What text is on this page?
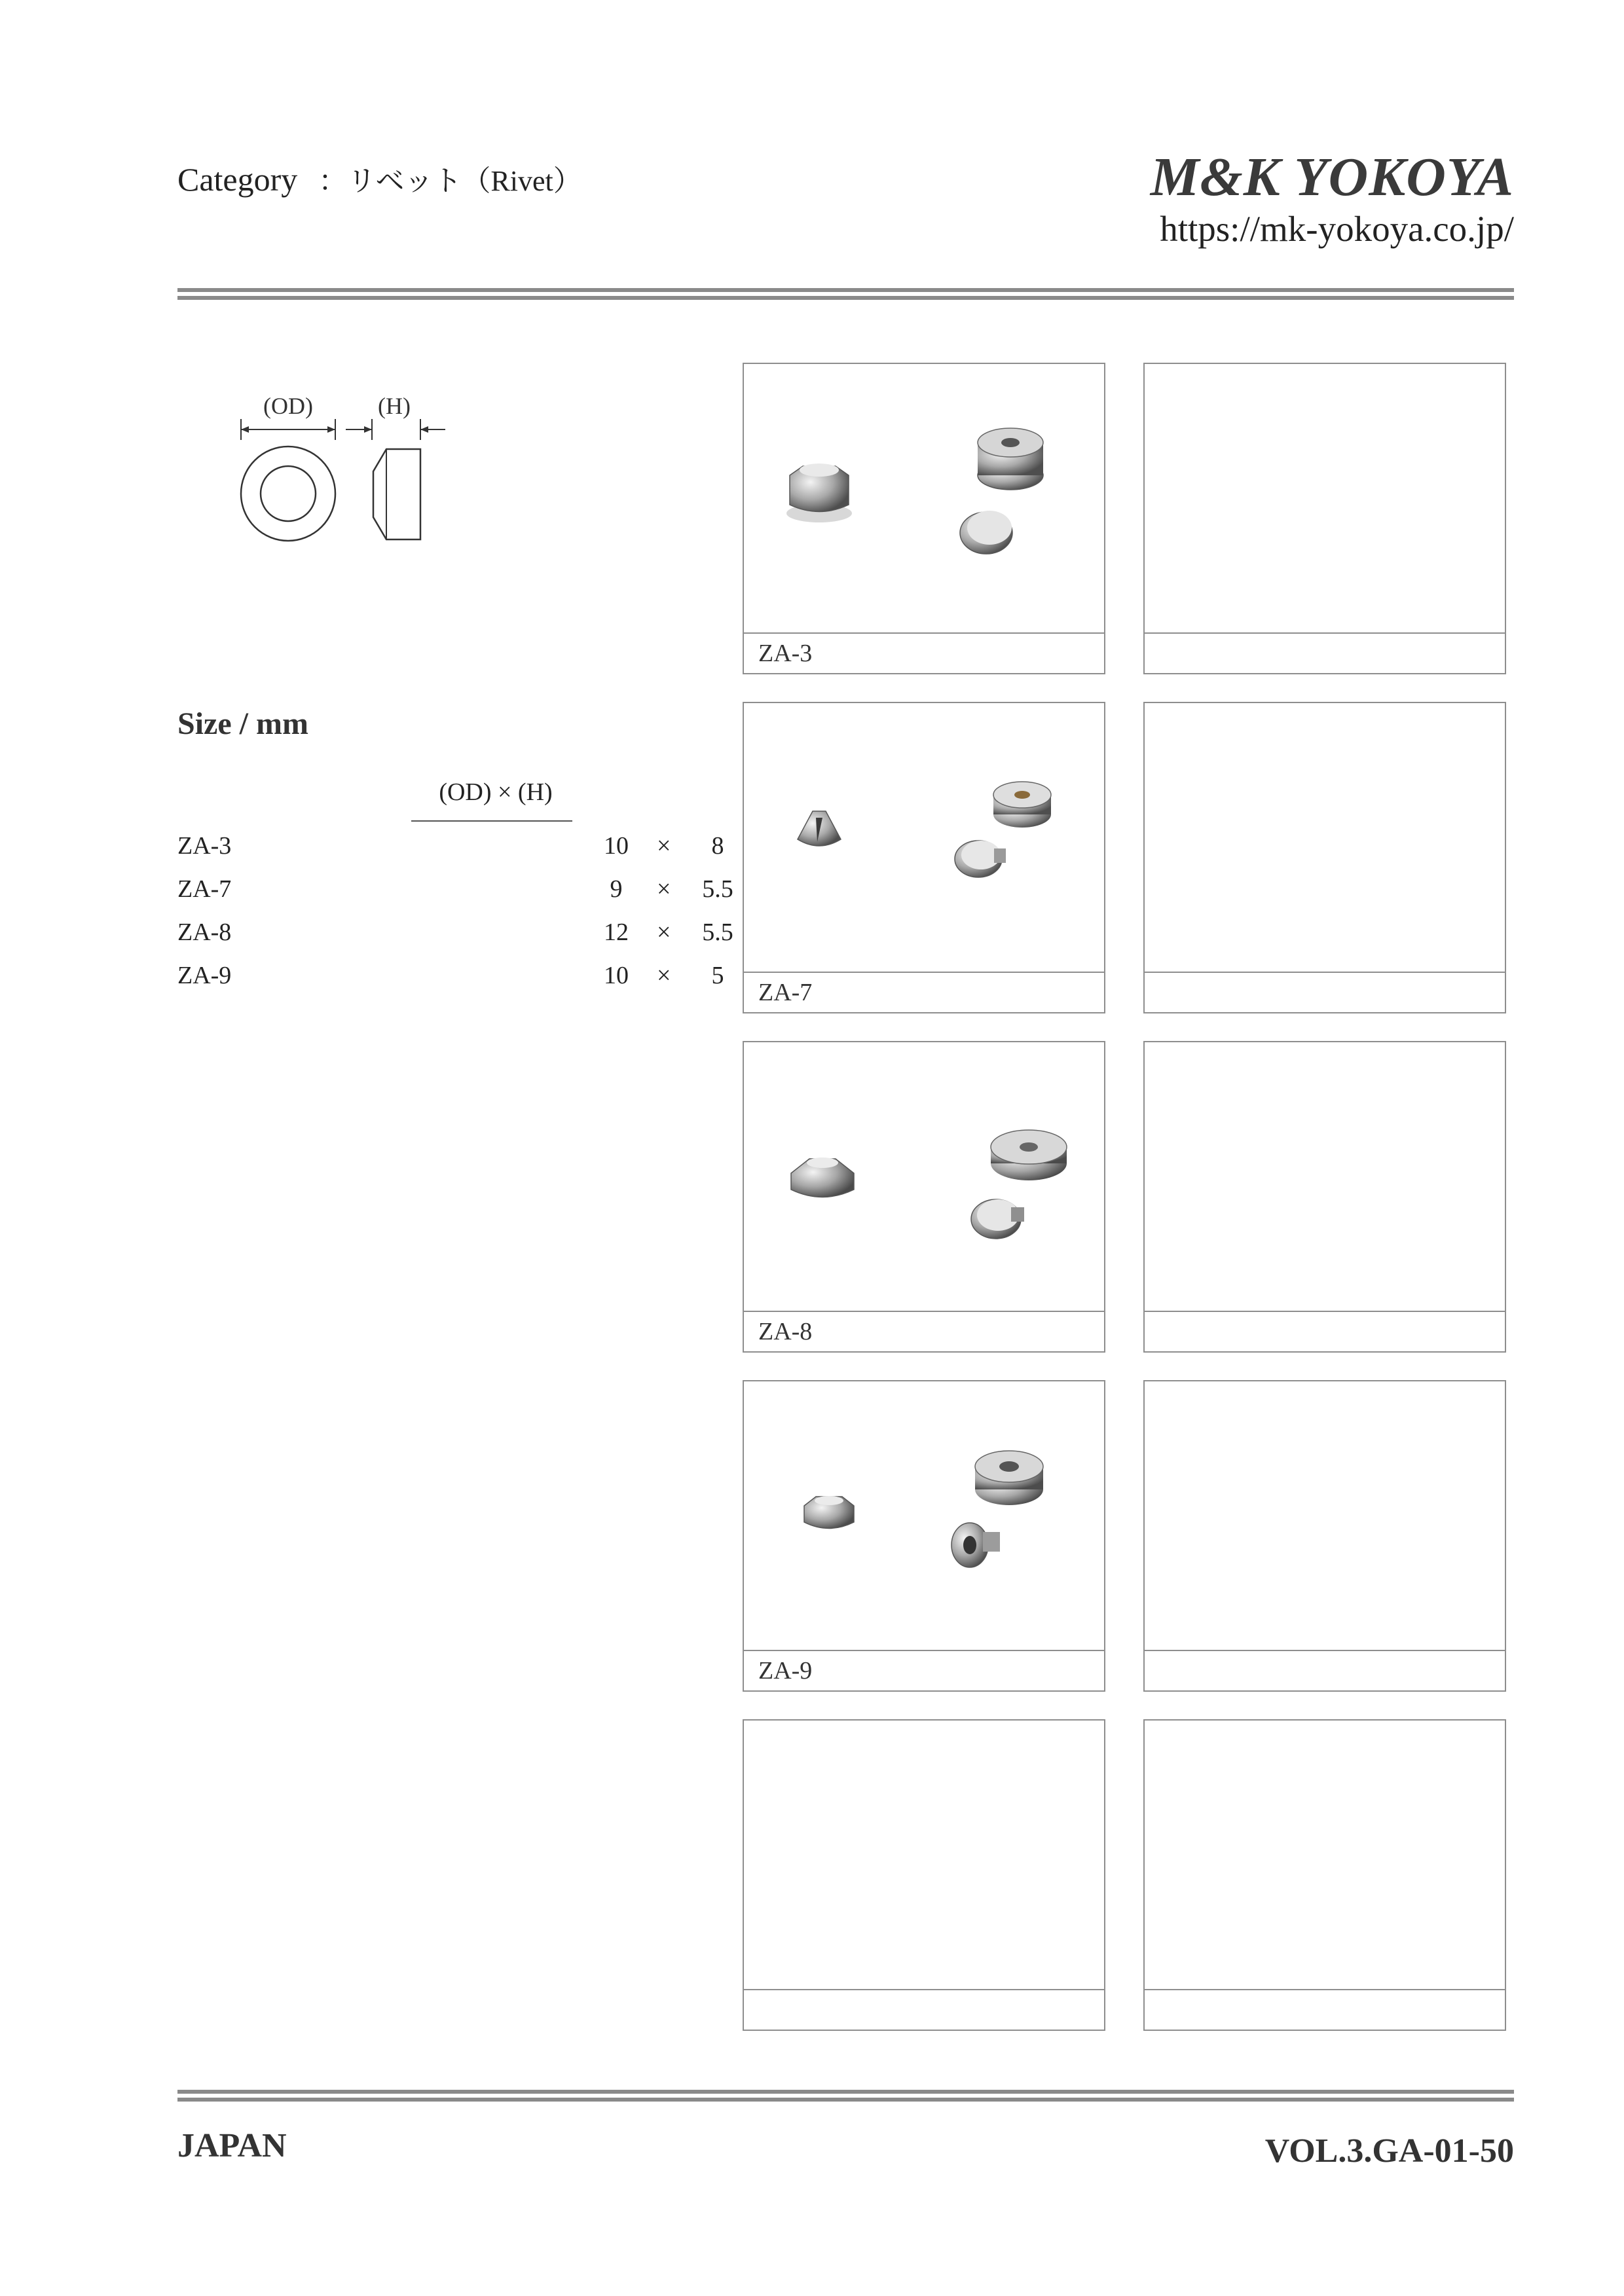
Category ：リベット（Rivet）	M&K YOKOYA
https://mk-yokoya.co.jp/
(OD)	(H)
Size / mm
(OD) × (H)
ZA-3	10 ×	8
ZA-7	9	× 5.5
ZA-8	12 × 5.5
ZA-9	10 ×	5
ZA-3
ZA-7
ZA-8
ZA-9
JAPAN	VOL.3.GA-01-50
